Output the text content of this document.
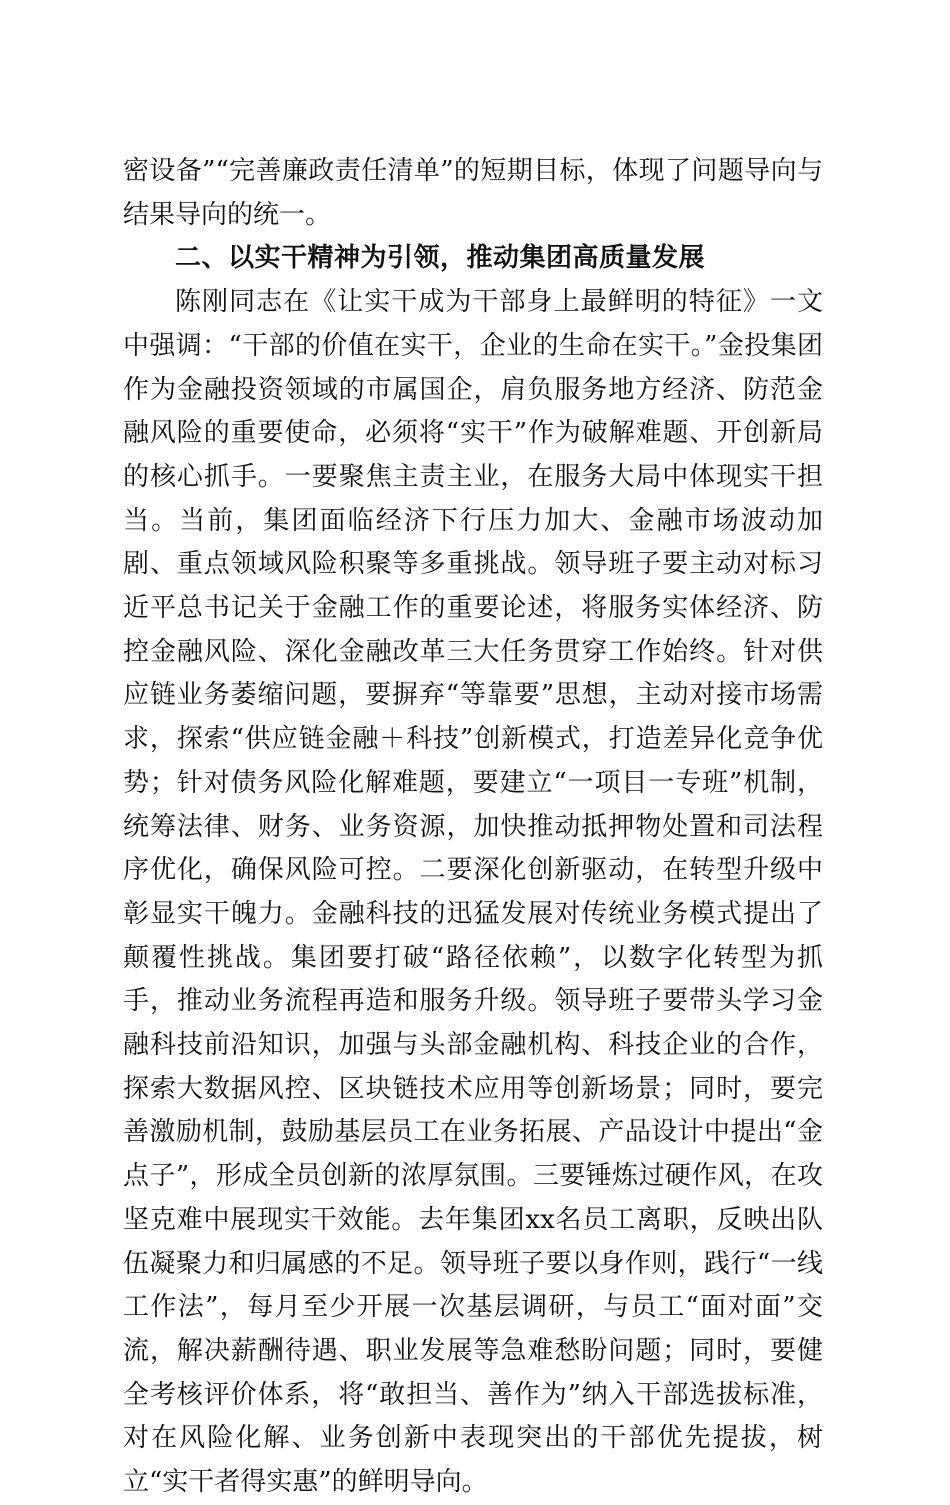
密设备”“完善廉政责任清单”的短期目标，体现了问题导向与结果导向的统一。

二、以实干精神为引领，推动集团高质量发展

陈刚同志在《让实干成为干部身上最鲜明的特征》一文中强调：“干部的价值在实干，企业的生命在实干。”金投集团作为金融投资领域的市属国企，肩负服务地方经济、防范金融风险的重要使命，必须将“实干”作为破解难题、开创新局的核心抓手。一要聚焦主责主业，在服务大局中体现实干担当。当前，集团面临经济下行压力加大、金融市场波动加剧、重点领域风险积聚等多重挑战。领导班子要主动对标习近平总书记关于金融工作的重要论述，将服务实体经济、防控金融风险、深化金融改革三大任务贯穿工作始终。针对供应链业务萎缩问题，要摒弃“等靠要”思想，主动对接市场需求，探索“供应链金融＋科技”创新模式，打造差异化竞争优势；针对债务风险化解难题，要建立“一项目一专班”机制，统筹法律、财务、业务资源，加快推动抵押物处置和司法程序优化，确保风险可控。二要深化创新驱动，在转型升级中彰显实干魄力。金融科技的迅猛发展对传统业务模式提出了颠覆性挑战。集团要打破“路径依赖”，以数字化转型为抓手，推动业务流程再造和服务升级。领导班子要带头学习金融科技前沿知识，加强与头部金融机构、科技企业的合作，探索大数据风控、区块链技术应用等创新场景；同时，要完善激励机制，鼓励基层员工在业务拓展、产品设计中提出“金点子”，形成全员创新的浓厚氛围。三要锤炼过硬作风，在攻坚克难中展现实干效能。去年集团xx名员工离职，反映出队伍凝聚力和归属感的不足。领导班子要以身作则，践行“一线工作法”，每月至少开展一次基层调研，与员工“面对面”交流，解决薪酬待遇、职业发展等急难愁盼问题；同时，要健全考核评价体系，将“敢担当、善作为”纳入干部选拔标准，对在风险化解、业务创新中表现突出的干部优先提拔，树立“实干者得实惠”的鲜明导向。
